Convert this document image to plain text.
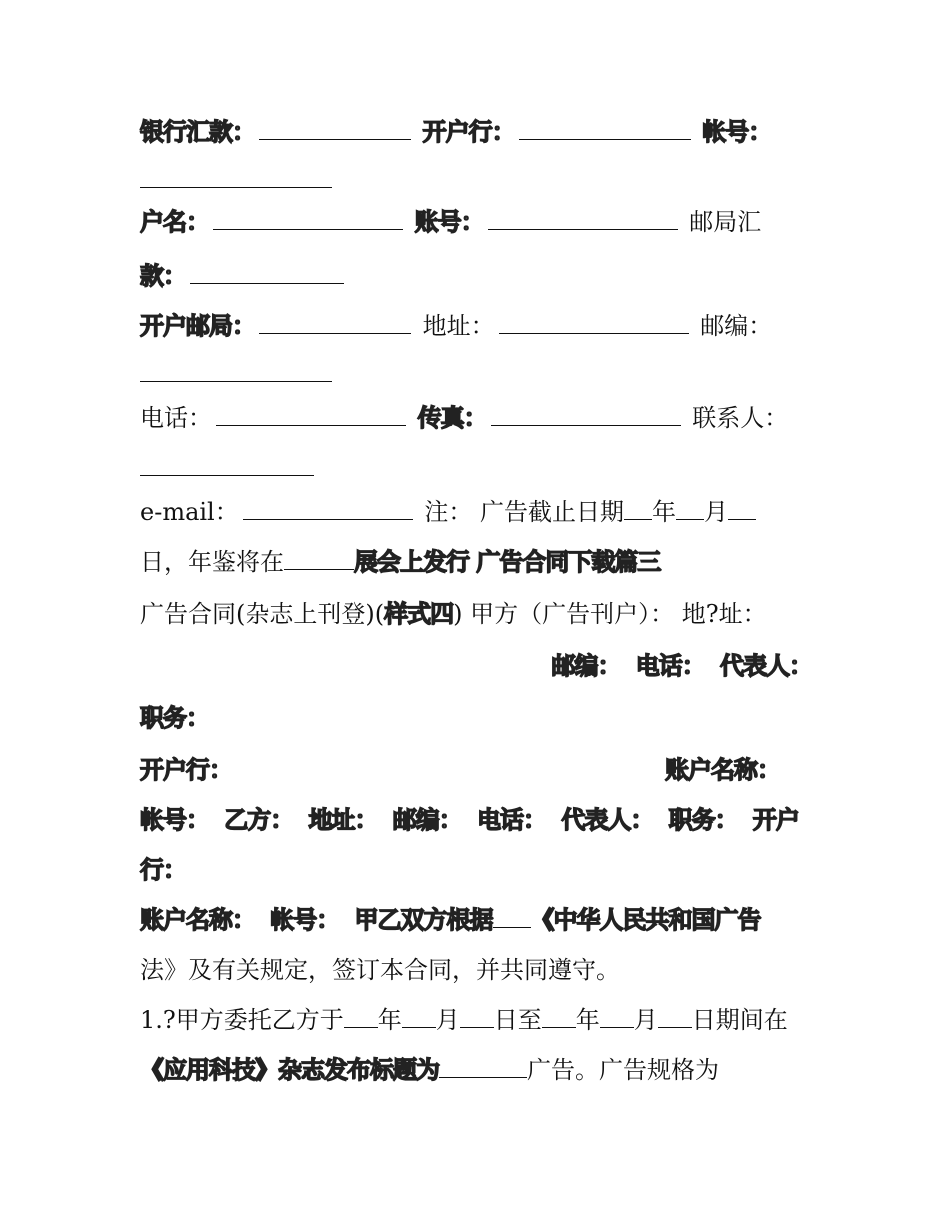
银行汇款：	开户行：	帐号：
户名：	账号：	邮局汇
款：
开户邮局：	地址：	邮编：
电话：	传真：	联系人：
e-mail：	注： 广告截止日期 年 月
日，年鉴将在	展会上发行 广告合同下载篇三
广告合同(杂志上刊登)(样式四) 甲方（广告刊户）： 地?址：
邮编： 电话： 代表人：
职务：
开户行：	账户名称：
帐号： 乙方： 地址： 邮编： 电话： 代表人： 职务： 开户
行：
账户名称： 帐号： 甲乙双方根据 《中华人民共和国广告
法》及有关规定，签订本合同，并共同遵守。
1.?甲方委托乙方于 年 月 日至 年 月 日期间在
《应用科技》杂志发布标题为	广告。广告规格为
